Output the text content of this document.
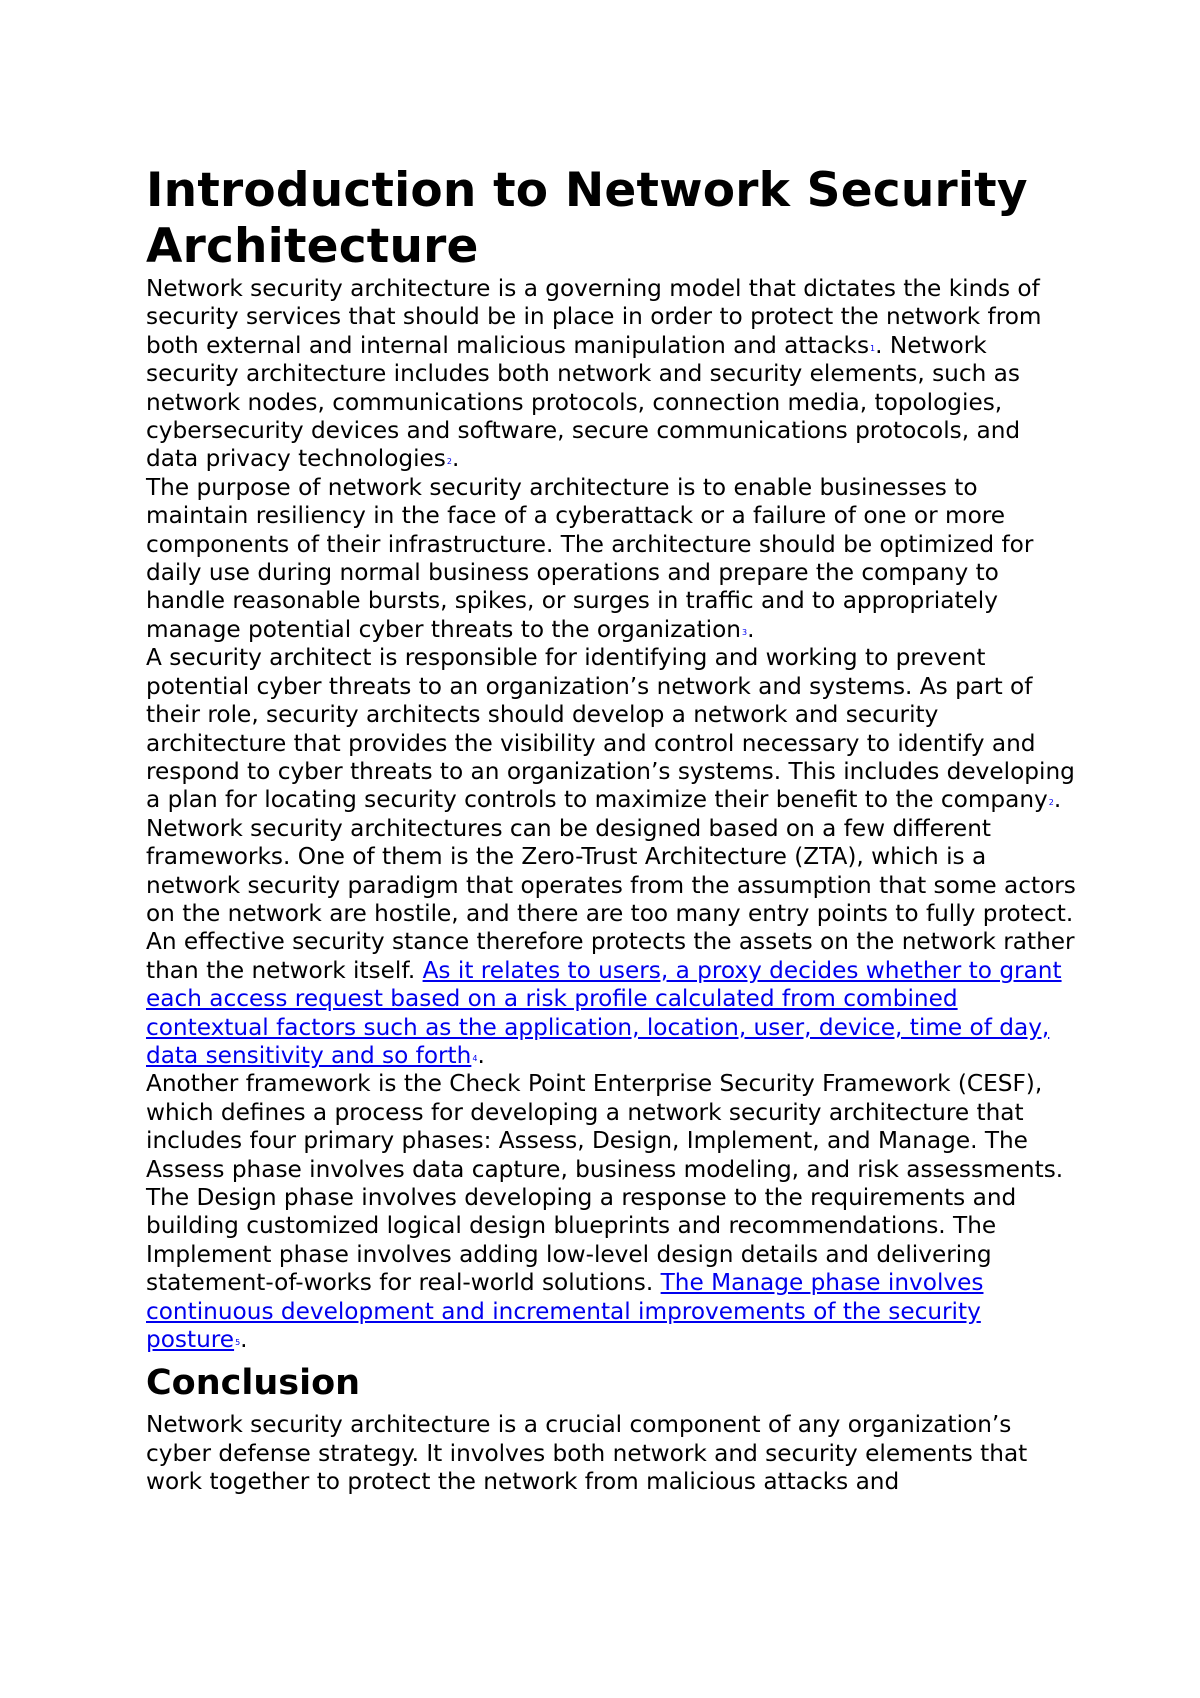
Introduction to Network Security Architecture

Network security architecture is a governing model that dictates the kinds of security services that should be in place in order to protect the network from both external and internal malicious manipulation and attacks$^1$. Network security architecture includes both network and security elements, such as network nodes, communications protocols, connection media, topologies, cybersecurity devices and software, secure communications protocols, and data privacy technologies$^2$.

The purpose of network security architecture is to enable businesses to maintain resiliency in the face of a cyberattack or a failure of one or more components of their infrastructure. The architecture should be optimized for daily use during normal business operations and prepare the company to handle reasonable bursts, spikes, or surges in traffic and to appropriately manage potential cyber threats to the organization$^3$.

A security architect is responsible for identifying and working to prevent potential cyber threats to an organization’s network and systems. As part of their role, security architects should develop a network and security architecture that provides the visibility and control necessary to identify and respond to cyber threats to an organization’s systems. This includes developing a plan for locating security controls to maximize their benefit to the company$^2$.

Network security architectures can be designed based on a few different frameworks. One of them is the Zero-Trust Architecture (ZTA), which is a network security paradigm that operates from the assumption that some actors on the network are hostile, and there are too many entry points to fully protect. An effective security stance therefore protects the assets on the network rather than the network itself. As it relates to users, a proxy decides whether to grant each access request based on a risk profile calculated from combined contextual factors such as the application, location, user, device, time of day, data sensitivity and so forth$^4$.

Another framework is the Check Point Enterprise Security Framework (CESF), which defines a process for developing a network security architecture that includes four primary phases: Assess, Design, Implement, and Manage. The Assess phase involves data capture, business modeling, and risk assessments. The Design phase involves developing a response to the requirements and building customized logical design blueprints and recommendations. The Implement phase involves adding low-level design details and delivering statement-of-works for real-world solutions. The Manage phase involves continuous development and incremental improvements of the security posture$^5$.

Conclusion

Network security architecture is a crucial component of any organization’s cyber defense strategy. It involves both network and security elements that work together to protect the network from malicious attacks and
